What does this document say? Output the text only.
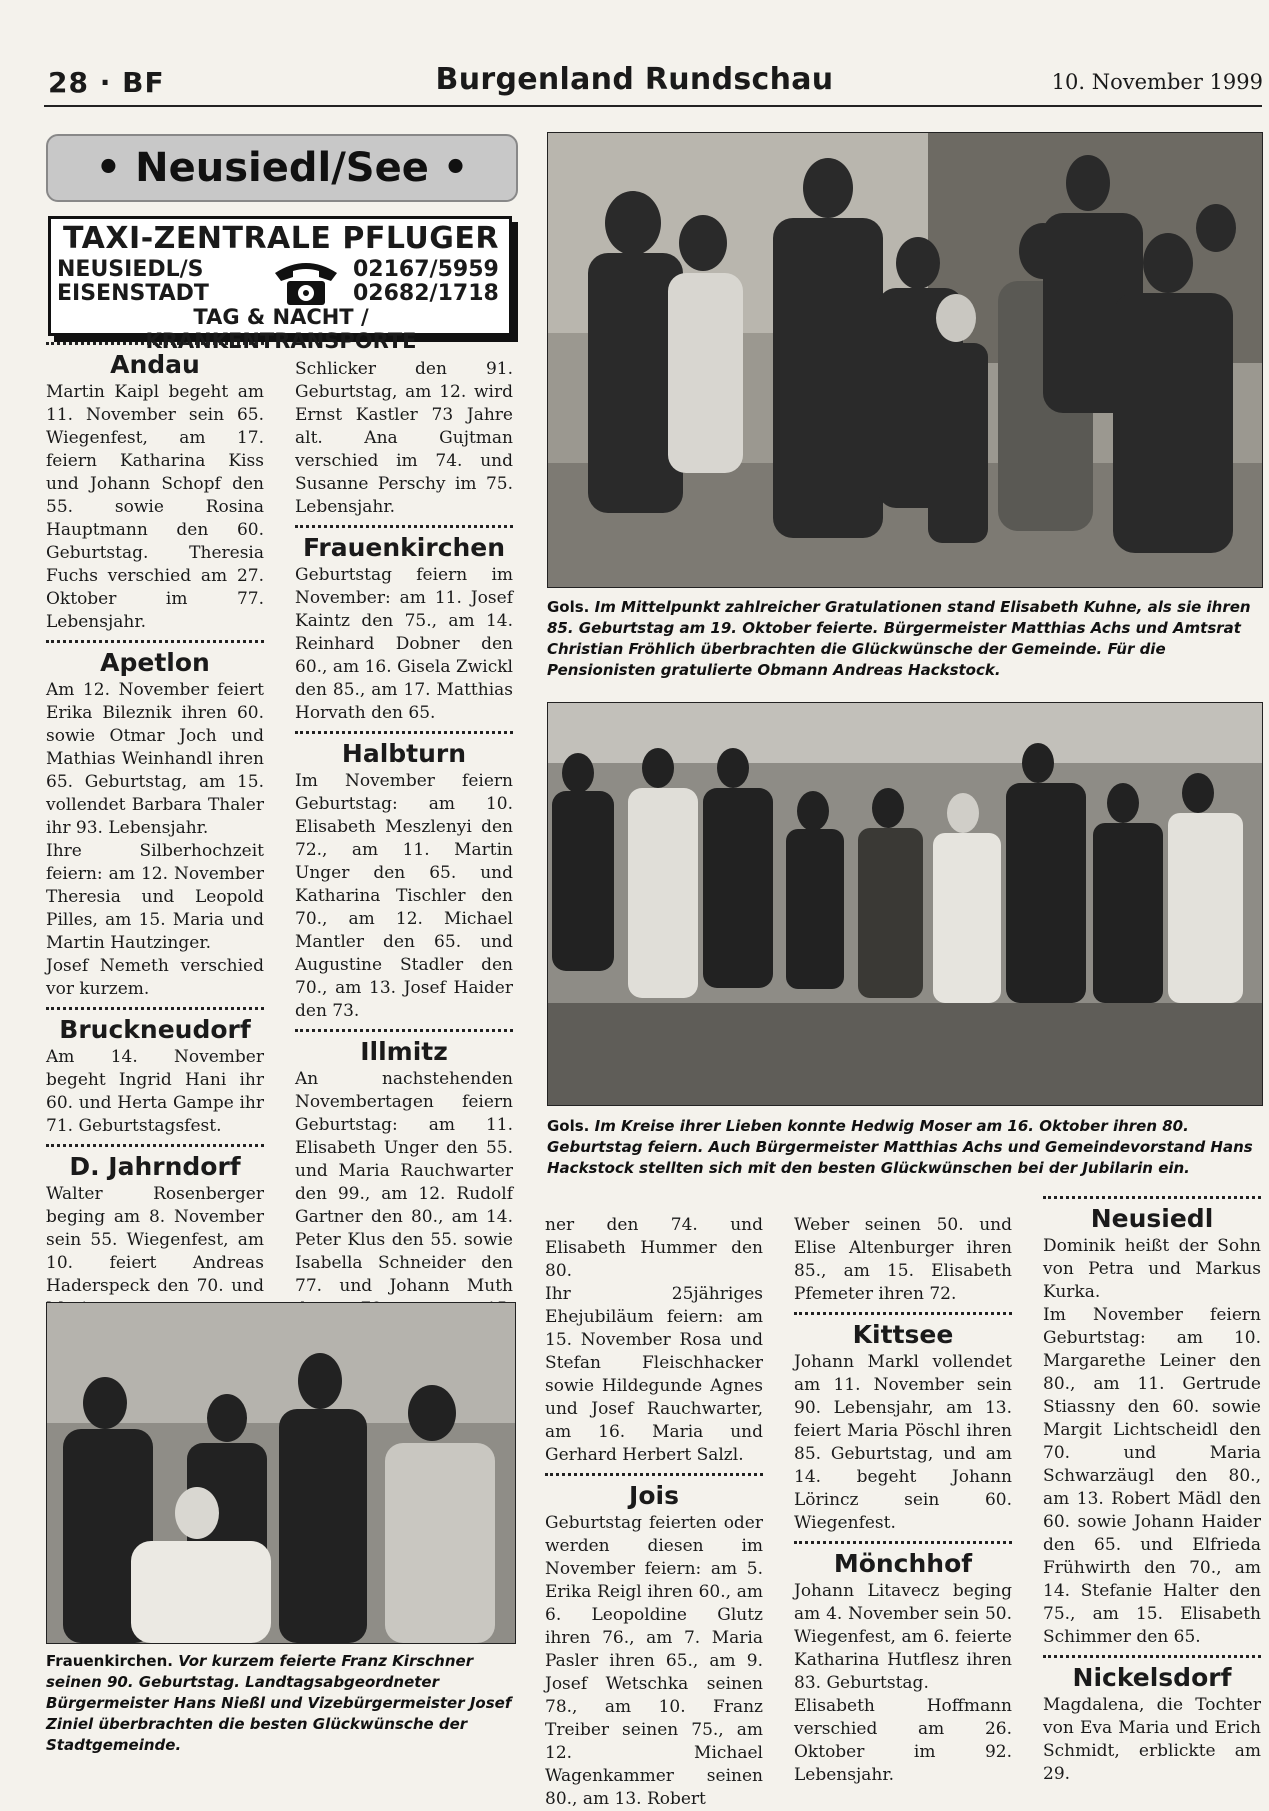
28 · BF	Burgenland Rundschau	10. November 1999
• Neusiedl/See •
TAXI-ZENTRALE PFLUGER
NEUSIEDL/S	02167/5959
EISENSTADT	02682/1718
TAG & NACHT / KRANKENTRANSPORTE
Andau

Martin Kaipl begeht am 11. November sein 65. Wiegenfest, am 17. feiern Katharina Kiss und Johann Schopf den 55. sowie Rosina Hauptmann den 60. Geburtstag. Theresia Fuchs verschied am 27. Oktober im 77. Lebensjahr.

Apetlon

Am 12. November feiert Erika Bileznik ihren 60. sowie Otmar Joch und Mathias Weinhandl ihren 65. Geburtstag, am 15. vollendet Barbara Thaler ihr 93. Lebensjahr.

Ihre Silberhochzeit feiern: am 12. November Theresia und Leopold Pilles, am 15. Maria und Martin Hautzinger.

Josef Nemeth verschied vor kurzem.

Bruckneudorf

Am 14. November begeht Ingrid Hani ihr 60. und Herta Gampe ihr 71. Geburtstagsfest.

D. Jahrndorf

Walter Rosenberger beging am 8. November sein 55. Wiegenfest, am 10. feiert Andreas Haderspeck den 70. und

Schlicker den 91. Geburtstag, am 12. wird Ernst Kastler 73 Jahre alt. Ana Gujtman verschied im 74. und Susanne Perschy im 75. Lebensjahr.

Frauenkirchen

Geburtstag feiern im November: am 11. Josef Kaintz den 75., am 14. Reinhard Dobner den 60., am 16. Gisela Zwickl den 85., am 17. Matthias Horvath den 65.

Halbturn

Im November feiern Geburtstag: am 10. Elisabeth Meszlenyi den 72., am 11. Martin Unger den 65. und Katharina Tischler den 70., am 12. Michael Mantler den 65. und Augustine Stadler den 70., am 13. Josef Haider den 73.

Illmitz

An nachstehenden Novembertagen feiern Geburtstag: am 11. Elisabeth Unger den 55. und Maria Rauchwarter den 99., am 12. Rudolf Gartner den 80., am 14. Peter Klus den 55. sowie Isabella Schneider den 77. und Johann Muth

Gols. Im Mittelpunkt zahlreicher Gratulationen stand Elisabeth Kuhne, als sie ihren 85. Geburtstag am 19. Oktober feierte. Bürgermeister Matthias Achs und Amtsrat Christian Fröhlich überbrachten die Glückwünsche der Gemeinde. Für die Pensionisten gratulierte Obmann Andreas Hackstock.
Gols. Im Kreise ihrer Lieben konnte Hedwig Moser am 16. Oktober ihren 80. Geburtstag feiern. Auch Bürgermeister Matthias Achs und Gemeindevorstand Hans Hackstock stellten sich mit den besten Glückwünschen bei der Jubilarin ein.
Frauenkirchen. Vor kurzem feierte Franz Kirschner seinen 90. Geburtstag. Landtagsabgeordneter Bürgermeister Hans Nießl und Vizebürgermeister Josef Ziniel überbrachten die besten Glückwünsche der Stadtgemeinde.

ner den 74. und Elisabeth Hummer den 80.

Ihr 25jähriges Ehejubiläum feiern: am 15. November Rosa und Stefan Fleischhacker sowie Hildegunde Agnes und Josef Rauchwarter, am 16. Maria und Gerhard Herbert Salzl.

Jois

Geburtstag feierten oder werden diesen im November feiern: am 5. Erika Reigl ihren 60., am 6. Leopoldine Glutz ihren 76., am 7. Maria Pasler ihren 65., am 9. Josef Wetschka seinen 78., am 10. Franz Treiber seinen 75., am 12. Michael Wagenkammer seinen 80., am 13. Robert

Weber seinen 50. und Elise Altenburger ihren 85., am 15. Elisabeth Pfemeter ihren 72.

Kittsee

Johann Markl vollendet am 11. November sein 90. Lebensjahr, am 13. feiert Maria Pöschl ihren 85. Geburtstag, und am 14. begeht Johann Lörincz sein 60. Wiegenfest.

Mönchhof

Johann Litavecz beging am 4. November sein 50. Wiegenfest, am 6. feierte Katharina Hutflesz ihren 83. Geburtstag.

Elisabeth Hoffmann verschied am 26. Oktober im 92. Lebensjahr.

Neusiedl

Dominik heißt der Sohn von Petra und Markus Kurka.

Im November feiern Geburtstag: am 10. Margarethe Leiner den 80., am 11. Gertrude Stiassny den 60. sowie Margit Lichtscheidl den 70. und Maria Schwarzäugl den 80., am 13. Robert Mädl den 60. sowie Johann Haider den 65. und Elfrieda Frühwirth den 70., am 14. Stefanie Halter den 75., am 15. Elisabeth Schimmer den 65.

Nickelsdorf

Magdalena, die Tochter von Eva Maria und Erich Schmidt, erblickte am 29.
